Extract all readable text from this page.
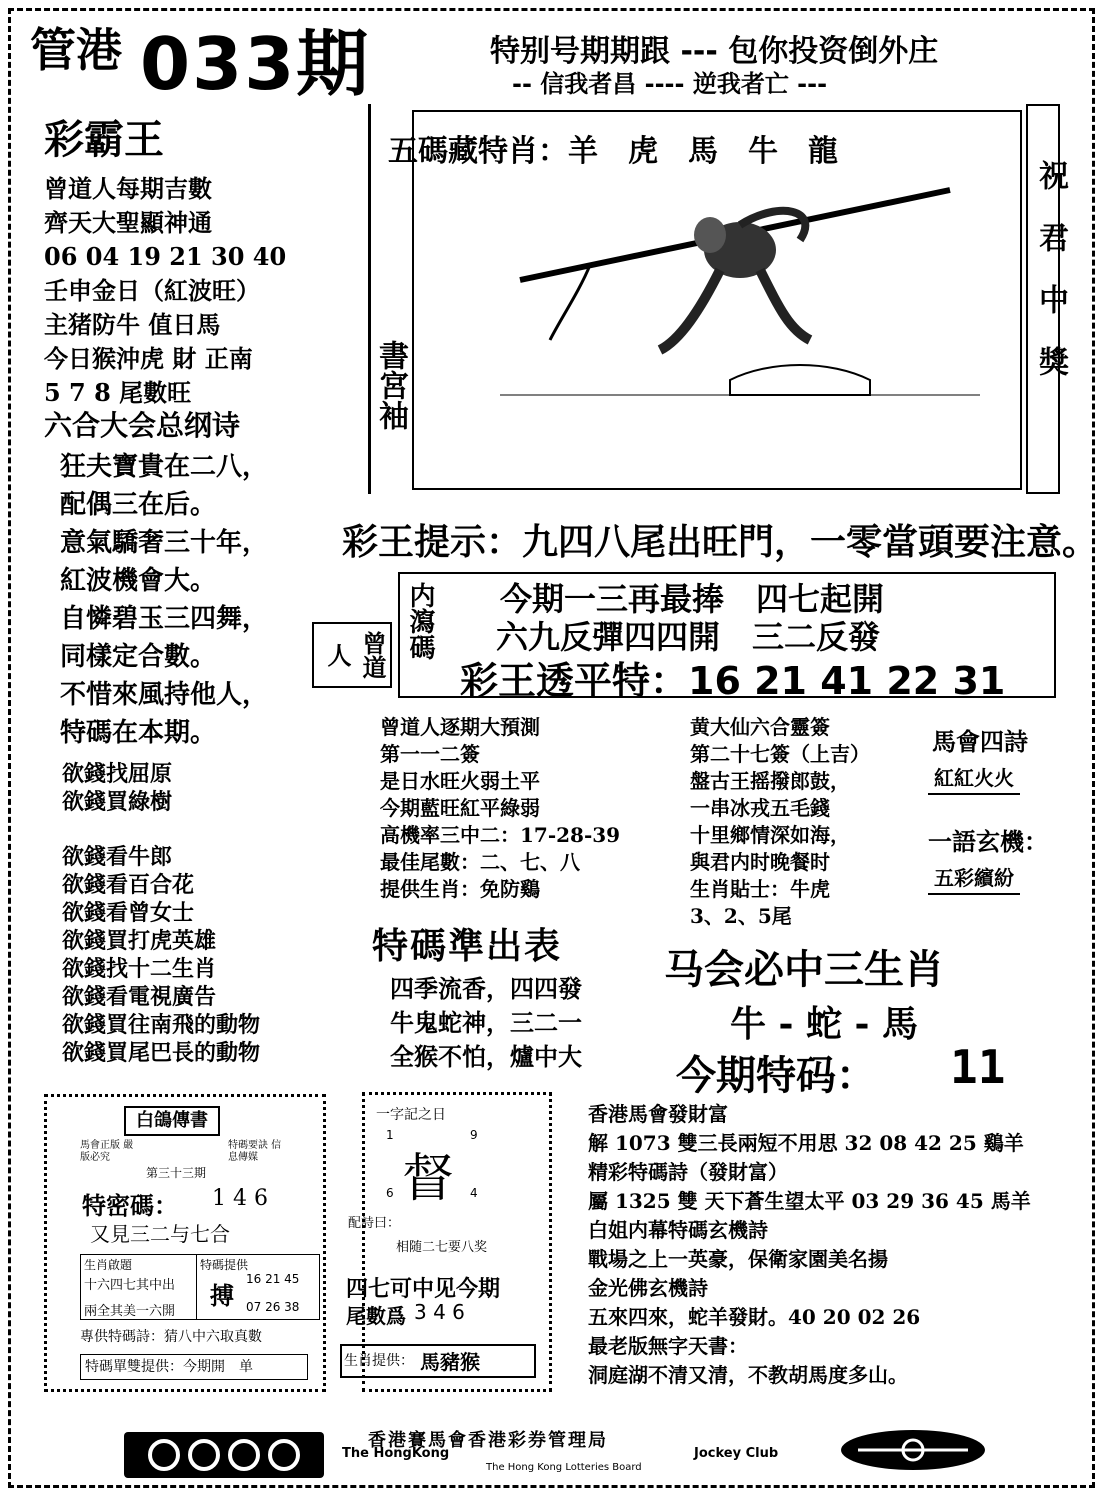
管港 033期
彩霸王
特别号期期跟 --- 包你投资倒外庄
-- 信我者昌 ---- 逆我者亡 ---
曾道人每期吉數
齊天大聖顯神通
06 04 19 21 30 40
壬申金日（紅波旺）
主猪防牛 值日馬
今日猴沖虎 財 正南
5 7 8 尾數旺
六合大会总纲诗
狂夫寶貴在二八，
配偶三在后。
意氣驕奢三十年，
紅波機會大。
自憐碧玉三四舞，
同樣定合數。
不惜來風持他人，
特碼在本期。
欲錢找屈原
欲錢買綠樹
欲錢看牛郎
欲錢看百合花
欲錢看曾女士
欲錢買打虎英雄
欲錢找十二生肖
欲錢看電視廣告
欲錢買往南飛的動物
欲錢買尾巴長的動物
書宮袖
五碼藏特肖：羊　虎　馬　牛　龍
祝君中獎
彩王提示：九四八尾出旺門，一零當頭要注意。
内瀉碼
曾道人
今期一三再最捧　四七起開
六九反彈四四開　三二反發
彩王透平特：16 21 41 22 31
曾道人逐期大預測
第一一二簽
是日水旺火弱土平
今期藍旺紅平綠弱
高機率三中二：17-28-39
最佳尾數：二、七、八
提供生肖：免防鷄
黄大仙六合靈簽
第二十七簽（上吉）
盤古王摇撥郎鼓，
一串冰戎五毛錢
十里鄉情深如海，
與君内时晚餐时
生肖貼士：牛虎
3、2、5尾
馬會四詩
紅紅火火
一語玄機：
五彩繽紛
特碼準出表
四季流香，四四發
牛鬼蛇神，三二一
全猴不怕，爐中大
马会必中三生肖
牛 - 蛇 - 馬
今期特码： 11
白鴿傳書
馬會正版 嚴版必究
特碼要訣 信息傳媒
第三十三期
特密碼： 1 4 6
又見三二与七合
生肖啟題
十六四七其中出
兩全其美一六開
特碼提供
搏
16 21 45
07 26 38
專供特碼詩：猜八中六取真數
特碼單雙提供：今期開　单
一字記之日
1	9
督
6	4
配詩曰：
相随二七要八奖
四七可中见今期
尾數爲 3 4 6
生肖提供： 馬豬猴
香港馬會發財富
解 1073 雙三長兩短不用思 32 08 42 25 鷄羊
精彩特碼詩（發財富）
屬 1325 雙 天下蒼生望太平 03 29 36 45 馬羊
白姐内幕特碼玄機詩
戰場之上一英豪，保衛家園美名揚
金光佛玄機詩
五來四來，蛇羊發財。40 20 02 26
最老版無字天書：
洞庭湖不清又清，不教胡馬度多山。
香港賽馬會香港彩券管理局
The HongKong	Jockey Club
The Hong Kong Lotteries Board
